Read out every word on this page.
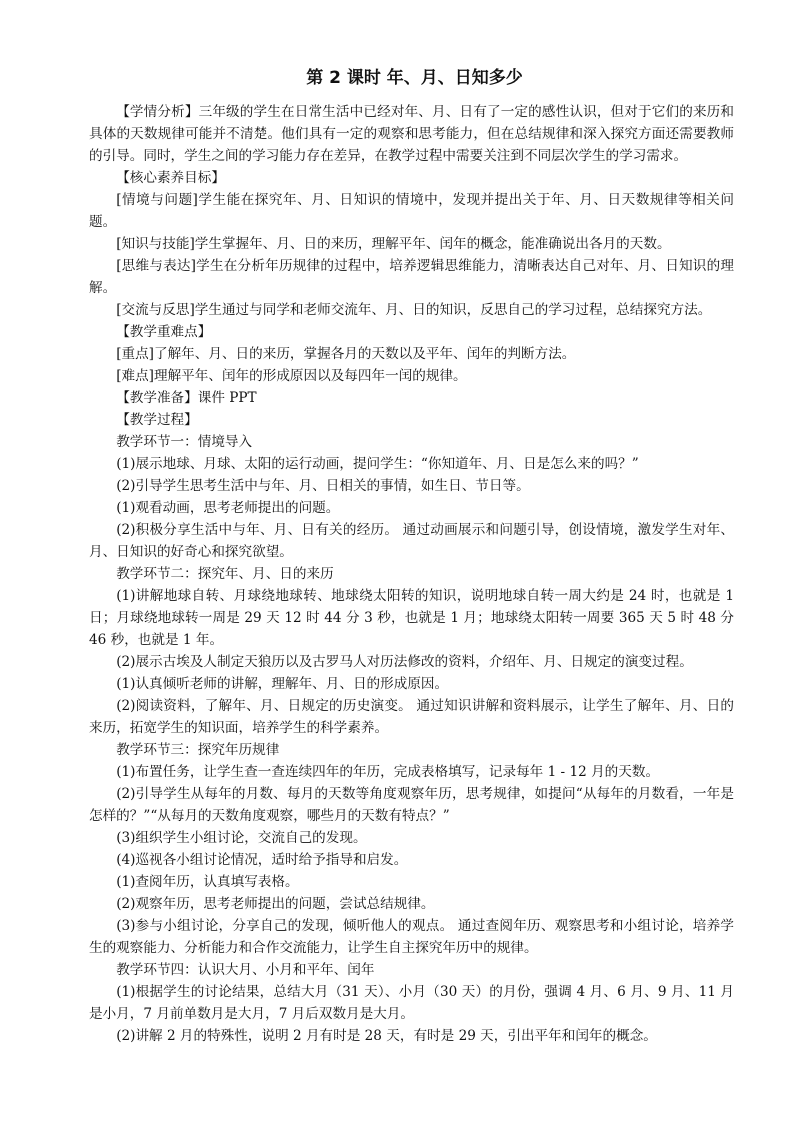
第 2 课时 年、月、日知多少

【学情分析】三年级的学生在日常生活中已经对年、月、日有了一定的感性认识，但对于它们的来历和具体的天数规律可能并不清楚。他们具有一定的观察和思考能力，但在总结规律和深入探究方面还需要教师的引导。同时，学生之间的学习能力存在差异，在教学过程中需要关注到不同层次学生的学习需求。

【核心素养目标】

[情境与问题]学生能在探究年、月、日知识的情境中，发现并提出关于年、月、日天数规律等相关问题。

[知识与技能]学生掌握年、月、日的来历，理解平年、闰年的概念，能准确说出各月的天数。

[思维与表达]学生在分析年历规律的过程中，培养逻辑思维能力，清晰表达自己对年、月、日知识的理解。

[交流与反思]学生通过与同学和老师交流年、月、日的知识，反思自己的学习过程，总结探究方法。

【教学重难点】

[重点]了解年、月、日的来历，掌握各月的天数以及平年、闰年的判断方法。

[难点]理解平年、闰年的形成原因以及每四年一闰的规律。

【教学准备】课件 PPT

【教学过程】

教学环节一：情境导入

(1)展示地球、月球、太阳的运行动画，提问学生：“你知道年、月、日是怎么来的吗？”

(2)引导学生思考生活中与年、月、日相关的事情，如生日、节日等。

(1)观看动画，思考老师提出的问题。

(2)积极分享生活中与年、月、日有关的经历。 通过动画展示和问题引导，创设情境，激发学生对年、月、日知识的好奇心和探究欲望。

教学环节二：探究年、月、日的来历

(1)讲解地球自转、月球绕地球转、地球绕太阳转的知识，说明地球自转一周大约是 24 时，也就是 1 日；月球绕地球转一周是 29 天 12 时 44 分 3 秒，也就是 1 月；地球绕太阳转一周要 365 天 5 时 48 分 46 秒，也就是 1 年。

(2)展示古埃及人制定天狼历以及古罗马人对历法修改的资料，介绍年、月、日规定的演变过程。

(1)认真倾听老师的讲解，理解年、月、日的形成原因。

(2)阅读资料，了解年、月、日规定的历史演变。 通过知识讲解和资料展示，让学生了解年、月、日的来历，拓宽学生的知识面，培养学生的科学素养。

教学环节三：探究年历规律

(1)布置任务，让学生查一查连续四年的年历，完成表格填写，记录每年 1 - 12 月的天数。

(2)引导学生从每年的月数、每月的天数等角度观察年历，思考规律，如提问“从每年的月数看，一年是怎样的？”“从每月的天数角度观察，哪些月的天数有特点？”

(3)组织学生小组讨论，交流自己的发现。

(4)巡视各小组讨论情况，适时给予指导和启发。

(1)查阅年历，认真填写表格。

(2)观察年历，思考老师提出的问题，尝试总结规律。

(3)参与小组讨论，分享自己的发现，倾听他人的观点。 通过查阅年历、观察思考和小组讨论，培养学生的观察能力、分析能力和合作交流能力，让学生自主探究年历中的规律。

教学环节四：认识大月、小月和平年、闰年

(1)根据学生的讨论结果，总结大月（31 天）、小月（30 天）的月份，强调 4 月、6 月、9 月、11 月是小月，7 月前单数月是大月，7 月后双数月是大月。

(2)讲解 2 月的特殊性，说明 2 月有时是 28 天，有时是 29 天，引出平年和闰年的概念。
